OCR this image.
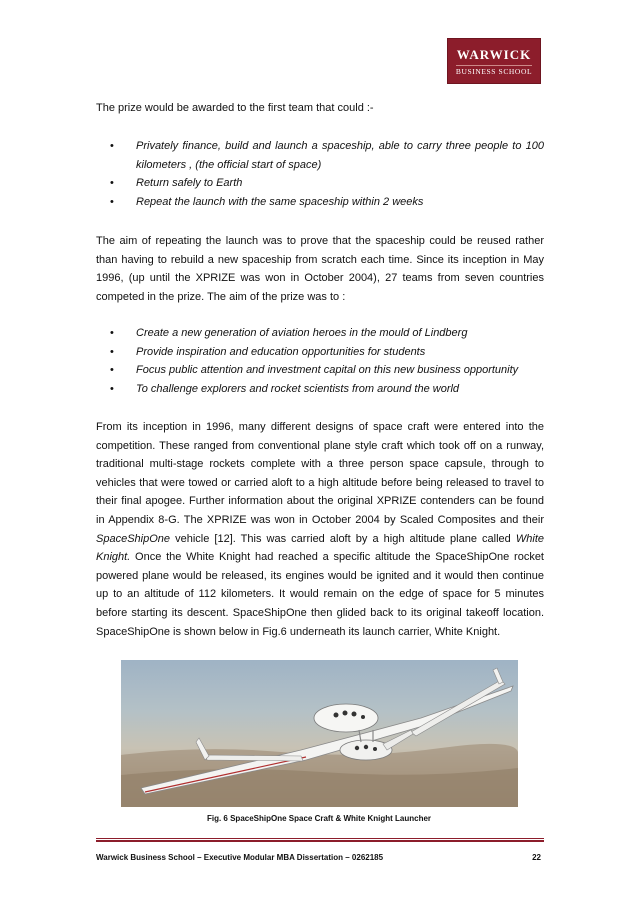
WARWICK
BUSINESS SCHOOL

The prize would be awarded to the first team that could :-

• Privately finance, build and launch a spaceship, able to carry three people to 100 kilometers , (the official start of space)
• Return safely to Earth
• Repeat the launch with the same spaceship within 2 weeks

The aim of repeating the launch was to prove that the spaceship could be reused rather than having to rebuild a new spaceship from scratch each time. Since its inception in May 1996, (up until the XPRIZE was won in October 2004), 27 teams from seven countries competed in the prize. The aim of the prize was to :

• Create a new generation of aviation heroes in the mould of Lindberg
• Provide inspiration and education opportunities for students
• Focus public attention and investment capital on this new business opportunity
• To challenge explorers and rocket scientists from around the world

From its inception in 1996, many different designs of space craft were entered into the competition. These ranged from conventional plane style craft which took off on a runway, traditional multi-stage rockets complete with a three person space capsule, through to vehicles that were towed or carried aloft to a high altitude before being released to travel to their final apogee. Further information about the original XPRIZE contenders can be found in Appendix 8-G. The XPRIZE was won in October 2004 by Scaled Composites and their SpaceShipOne vehicle [12]. This was carried aloft by a high altitude plane called White Knight. Once the White Knight had reached a specific altitude the SpaceShipOne rocket powered plane would be released, its engines would be ignited and it would then continue up to an altitude of 112 kilometers. It would remain on the edge of space for 5 minutes before starting its descent. SpaceShipOne then glided back to its original takeoff location. SpaceShipOne is shown below in Fig.6 underneath its launch carrier, White Knight.

Fig. 6 SpaceShipOne Space Craft & White Knight Launcher
Warwick Business School – Executive Modular MBA Dissertation – 0262185	22
